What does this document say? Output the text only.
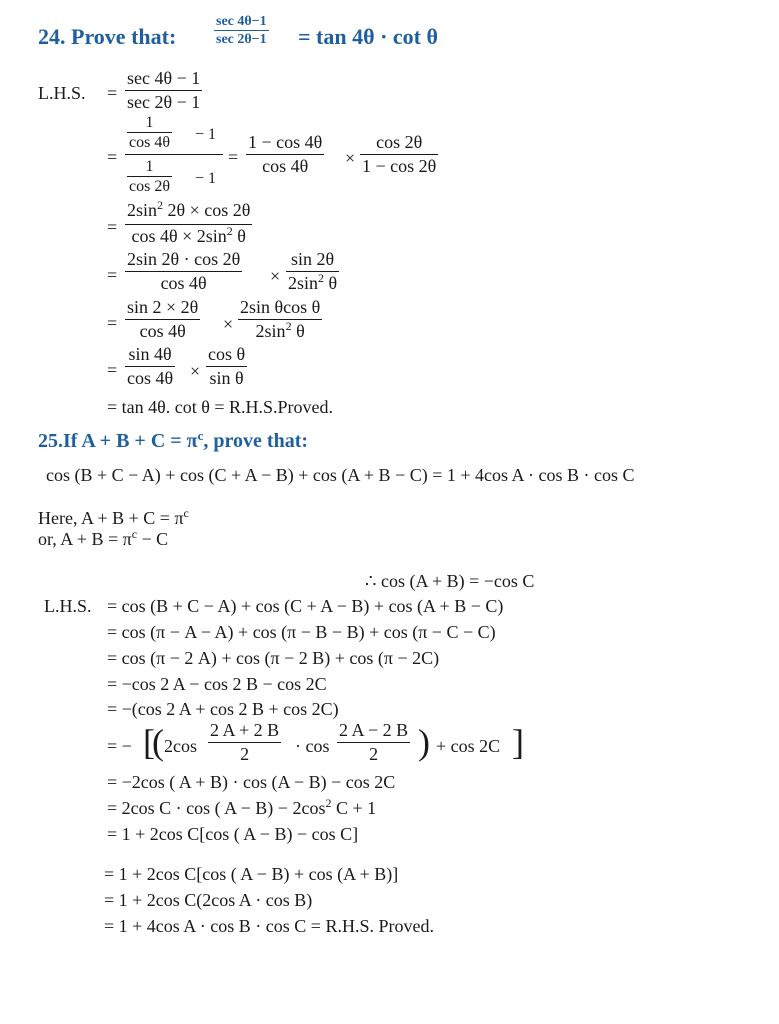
24. Prove that:
sec 4θ−1
sec 2θ−1 = tan 4θ · cot θ
L.H.S. =
sec 4θ − 1
sec 2θ − 1
=
1
cos 4θ − 1
1
cos 2θ − 1
=
1 − cos 4θ
cos 4θ ×
cos 2θ
1 − cos 2θ
=
$2\sin^2$ 2θ × cos 2θ
$\cos 4\theta \times 2\sin^2$ θ
=
2sin 2θ · cos 2θ
cos 4θ	×
sin 2θ
$2\sin^2$ θ
=
sin 2 × 2θ
cos 4θ ×
2sin θcos θ
$2\sin^2$ θ
=
sin 4θ
cos 4θ ×
cos θ
sin θ
= tan 4θ. cot θ = R.H.S.Proved.
25.If $A + B + C = \pi^c$, prove that:
cos (B + C − A) + cos (C + A − B) + cos (A + B − C) = 1 + 4cos A · cos B · cos C
Here, $A + B + C = \pi^c$
or, $A + B = \pi^c - C$
∴ cos (A + B) = −cos C
L.H.S. = cos (B + C − A) + cos (C + A − B) + cos (A + B − C)
= cos (π − A − A) + cos (π − B − B) + cos (π − C − C)
= cos (π − 2 A) + cos (π − 2 B) + cos (π − 2C)
= −cos 2 A − cos 2 B − cos 2C
= −(cos 2 A + cos 2 B + cos 2C)
= − [
( 2cos
2 A + 2 B
2	· cos
2 A − 2 B
2 ) + cos 2C ]
= −2cos ( A + B) · cos (A − B) − cos 2C
= 2cos C · cos ( $A - B) - 2\cos^2$ C + 1
= 1 + 2cos C[cos ( A − B) − cos C]
= 1 + 2cos C[cos ( A − B) + cos (A + B)]
= 1 + 2cos C(2cos A · cos B)
= 1 + 4cos A · cos B · cos C = R.H.S. Proved.
